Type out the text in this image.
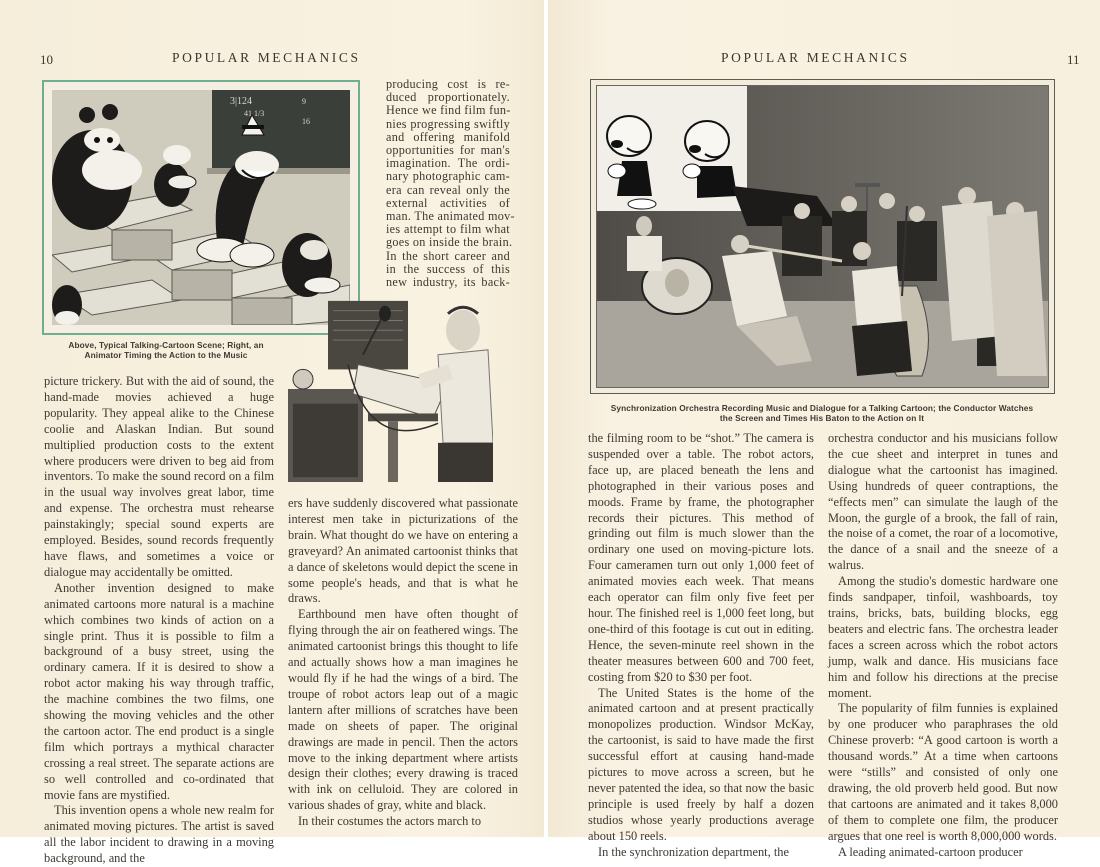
10	POPULAR MECHANICS
3|124
41 1/3
9
16
producing cost is re-
duced proportionately.
Hence we find film fun-
nies progressing swiftly
and offering manifold
opportunities for man's
imagination. The ordi-
nary photographic cam-
era can reveal only the
external activities of
man. The animated mov-
ies attempt to film what
goes on inside the brain.
In the short career and
in the success of this
new industry, its back-
Above, Typical Talking-Cartoon Scene; Right, an
Animator Timing the Action to the Music

picture trickery. But with the aid of sound, the hand-made movies achieved a huge popularity. They appeal alike to the Chinese coolie and Alaskan Indian. But sound multiplied production costs to the extent where producers were driven to beg aid from inventors. To make the sound record on a film in the usual way involves great labor, time and expense. The orchestra must rehearse painstakingly; special sound experts are employed. Besides, sound records frequently have flaws, and sometimes a voice or dialogue may accidentally be omitted.

Another invention designed to make animated cartoons more natural is a machine which combines two kinds of action on a single print. Thus it is possible to film a background of a busy street, using the ordinary camera. If it is desired to show a robot actor making his way through traffic, the machine combines the two films, one showing the moving vehicles and the other the cartoon actor. The end product is a single film which portrays a mythical character crossing a real street. The separate actions are so well controlled and co-ordinated that movie fans are mystified.

This invention opens a whole new realm for animated moving pictures. The artist is saved all the labor incident to drawing in a moving background, and the

ers have suddenly discovered what passionate interest men take in picturizations of the brain. What thought do we have on entering a graveyard? An animated cartoonist thinks that a dance of skeletons would depict the scene in some people's heads, and that is what he draws.

Earthbound men have often thought of flying through the air on feathered wings. The animated cartoonist brings this thought to life and actually shows how a man imagines he would fly if he had the wings of a bird. The troupe of robot actors leap out of a magic lantern after millions of scratches have been made on sheets of paper. The original drawings are made in pencil. Then the actors move to the inking department where artists design their clothes; every drawing is traced with ink on celluloid. They are colored in various shades of gray, white and black.

In their costumes the actors march to

POPULAR MECHANICS	11
Synchronization Orchestra Recording Music and Dialogue for a Talking Cartoon; the Conductor Watches
the Screen and Times His Baton to the Action on It

the filming room to be “shot.” The camera is suspended over a table. The robot actors, face up, are placed beneath the lens and photographed in their various poses and moods. Frame by frame, the photographer records their pictures. This method of grinding out film is much slower than the ordinary one used on moving-picture lots. Four cameramen turn out only 1,000 feet of animated movies each week. That means each operator can film only five feet per hour. The finished reel is 1,000 feet long, but one-third of this footage is cut out in editing. Hence, the seven-minute reel shown in the theater measures between 600 and 700 feet, costing from $20 to $30 per foot.

The United States is the home of the animated cartoon and at present practically monopolizes production. Windsor McKay, the cartoonist, is said to have made the first successful effort at causing hand-made pictures to move across a screen, but he never patented the idea, so that now the basic principle is used freely by half a dozen studios whose yearly productions average about 150 reels.

In the synchronization department, the

orchestra conductor and his musicians follow the cue sheet and interpret in tunes and dialogue what the cartoonist has imagined. Using hundreds of queer contraptions, the “effects men” can simulate the laugh of the Moon, the gurgle of a brook, the fall of rain, the noise of a comet, the roar of a locomotive, the dance of a snail and the sneeze of a walrus.

Among the studio's domestic hardware one finds sandpaper, tinfoil, washboards, toy trains, bricks, bats, building blocks, egg beaters and electric fans. The orchestra leader faces a screen across which the robot actors jump, walk and dance. His musicians face him and follow his directions at the precise moment.

The popularity of film funnies is explained by one producer who paraphrases the old Chinese proverb: “A good cartoon is worth a thousand words.” At a time when cartoons were “stills” and consisted of only one drawing, the old proverb held good. But now that cartoons are animated and it takes 8,000 of them to complete one film, the producer argues that one reel is worth 8,000,000 words.

A leading animated-cartoon producer
